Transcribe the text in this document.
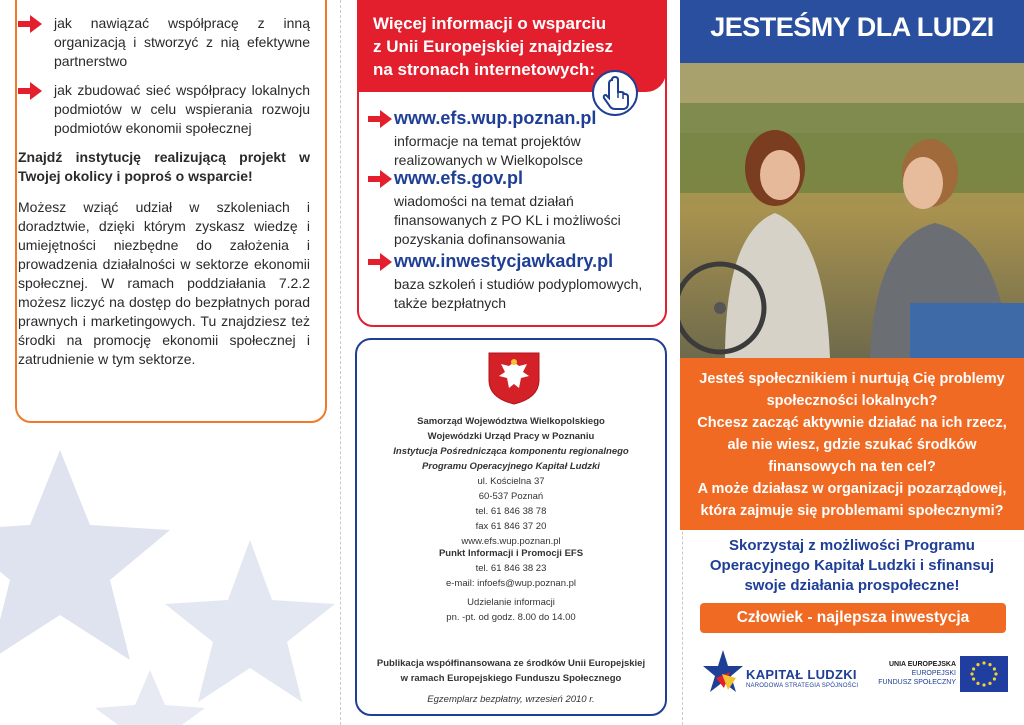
jak nawiązać współpracę z inną organizacją i stworzyć z nią efektywne partnerstwo
jak zbudować sieć współpracy lokalnych podmiotów w celu wspierania rozwoju podmiotów ekonomii społecznej
Znajdź instytucję realizującą projekt w Twojej okolicy i poproś o wsparcie!
Możesz wziąć udział w szkoleniach i doradztwie, dzięki którym zyskasz wiedzę i umiejętności niezbędne do założenia i prowadzenia działalności w sektorze ekonomii społecznej. W ramach poddziałania 7.2.2 możesz liczyć na dostęp do bezpłatnych porad prawnych i marketingowych. Tu znajdziesz też środki na promocję ekonomii społecznej i zatrudnienie w tym sektorze.
Więcej informacji o wsparciu z Unii Europejskiej znajdziesz na stronach internetowych:
www.efs.wup.poznan.pl
informacje na temat projektów realizowanych w Wielkopolsce
www.efs.gov.pl
wiadomości na temat działań finansowanych z PO KL i możliwości pozyskania dofinansowania
www.inwestycjawkadry.pl
baza szkoleń i studiów podyplomowych, także bezpłatnych
Samorząd Województwa Wielkopolskiego
Wojewódzki Urząd Pracy w Poznaniu
Instytucja Pośrednicząca komponentu regionalnego
Programu Operacyjnego Kapitał Ludzki
ul. Kościelna 37
60-537 Poznań
tel. 61 846 38 78
fax 61 846 37 20
www.efs.wup.poznan.pl
Punkt Informacji i Promocji EFS
tel. 61 846 38 23
e-mail: infoefs@wup.poznan.pl
Udzielanie informacji
pn. -pt. od godz. 8.00 do 14.00
Publikacja współfinansowana ze środków Unii Europejskiej
w ramach Europejskiego Funduszu Społecznego
Egzemplarz bezpłatny, wrzesień 2010 r.
JESTEŚMY DLA LUDZI
Jesteś społecznikiem i nurtują Cię problemy społeczności lokalnych?
Chcesz zacząć aktywnie działać na ich rzecz, ale nie wiesz, gdzie szukać środków finansowych na ten cel?
A może działasz w organizacji pozarządowej, która zajmuje się problemami społecznymi?
Skorzystaj z możliwości Programu Operacyjnego Kapitał Ludzki i sfinansuj swoje działania prospołeczne!
Człowiek - najlepsza inwestycja
KAPITAŁ LUDZKI
NARODOWA STRATEGIA SPÓJNOŚCI
UNIA EUROPEJSKA
EUROPEJSKI
FUNDUSZ SPOŁECZNY
